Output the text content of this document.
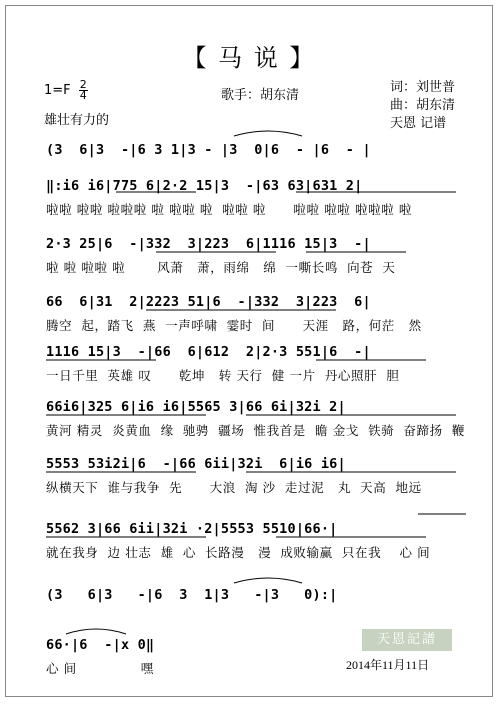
【 马 说 】
$1=F \frac{2}{4}$	歌手：胡东清
词：刘世普
曲：胡东清
天恩 记谱
雄壮有力的
(3  6|3  -|6 3 1|3 - |3  0|6  - |6  - |
‖:i6 i6|775 6|2·2 15|3  -|63 63|631 2|
啦啦 啦啦 啦啦啦 啦 啦啦 啦  啦啦 啦      啦啦 啦啦 啦啦啦 啦
2·3 25|6  -|332  3|223  6|1116 15|3  -|
啦 啦 啦啦 啦       风萧   萧，雨绵   绵  一嘶长鸣  向苍  天
66  6|31  2|2223 51|6  -|332  3|223  6|
腾空  起，踏飞  燕  一声呼啸  霎时  间      天涯   路，何茫   然
1116 15|3  -|66  6|612  2|2·3 551|6  -|
一日千里  英雄 叹      乾坤   转 天行  健 一片  丹心照肝  胆
66i6|325 6|i6 i6|5565 3|66 6i|32i 2|
黄河 精灵  炎黄血  缘  驰骋  疆场  惟我首是  瞻 金戈  铁骑  奋蹄扬  鞭
5553 53i2i|6  -|66 6ii|32i  6|i6 i6|
纵横天下  谁与我争  先      大浪  淘 沙  走过泥   丸  天高  地远
5562 3|66 6ii|32i ·2|5553 5510|66·|
就在我身  边 壮志  雄  心  长路漫   漫  成败输赢  只在我    心 间
(3   6|3   -|6  3  1|3   -|3   0):|
66·|6  -|x 0‖
心 间              嘿
天恩記譜
2014年11月11日
